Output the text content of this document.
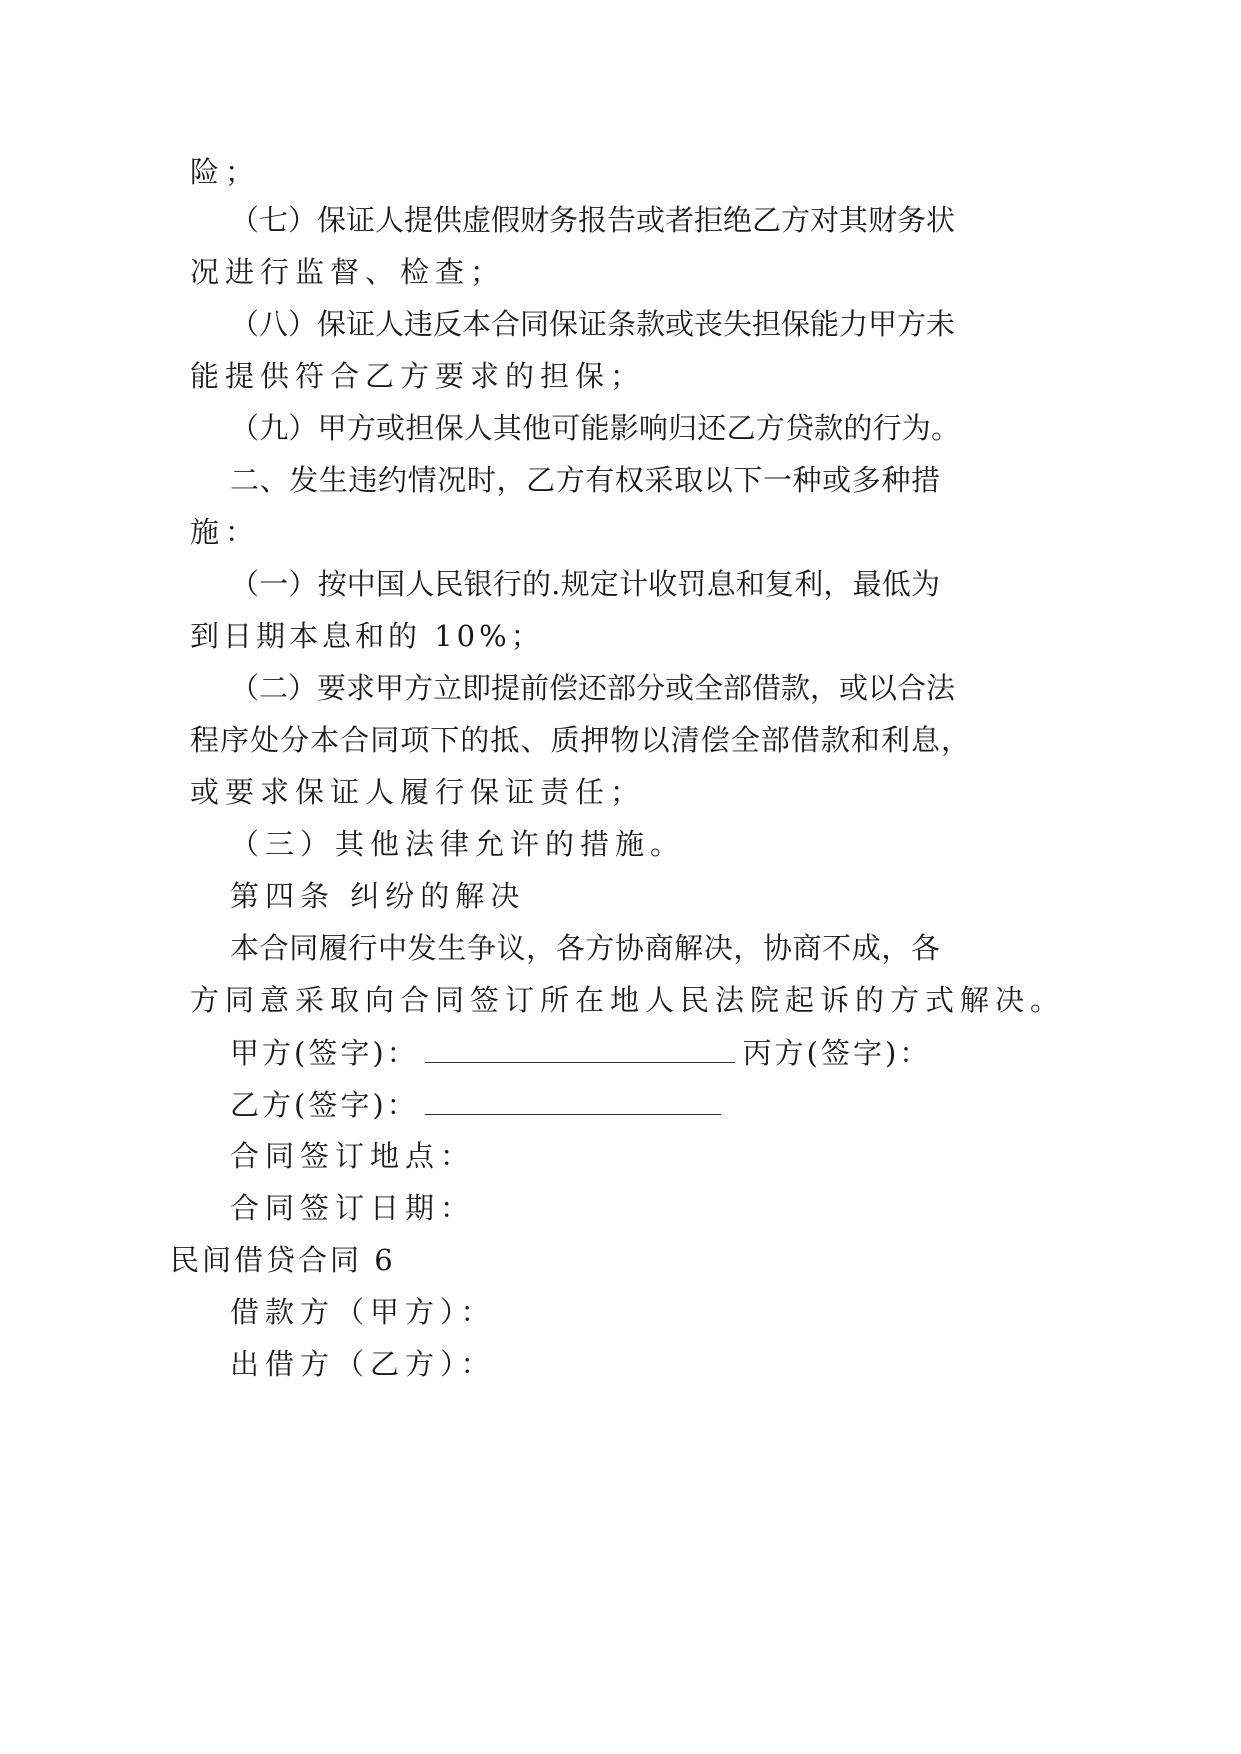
险；
（七）保证人提供虚假财务报告或者拒绝乙方对其财务状
况进行监督、检查；
（八）保证人违反本合同保证条款或丧失担保能力甲方未
能提供符合乙方要求的担保；
（九）甲方或担保人其他可能影响归还乙方贷款的行为。
二、发生违约情况时，乙方有权采取以下一种或多种措
施：
（一）按中国人民银行的.规定计收罚息和复利，最低为
到日期本息和的 10%；
（二）要求甲方立即提前偿还部分或全部借款，或以合法
程序处分本合同项下的抵、质押物以清偿全部借款和利息，
或要求保证人履行保证责任；
（三）其他法律允许的措施。
第四条 纠纷的解决
本合同履行中发生争议，各方协商解决，协商不成，各
方同意采取向合同签订所在地人民法院起诉的方式解决。
甲方(签字)：	丙方(签字)：
乙方(签字)：
合同签订地点：
合同签订日期：
民间借贷合同 6
借款方（甲方）：
出借方（乙方）：
